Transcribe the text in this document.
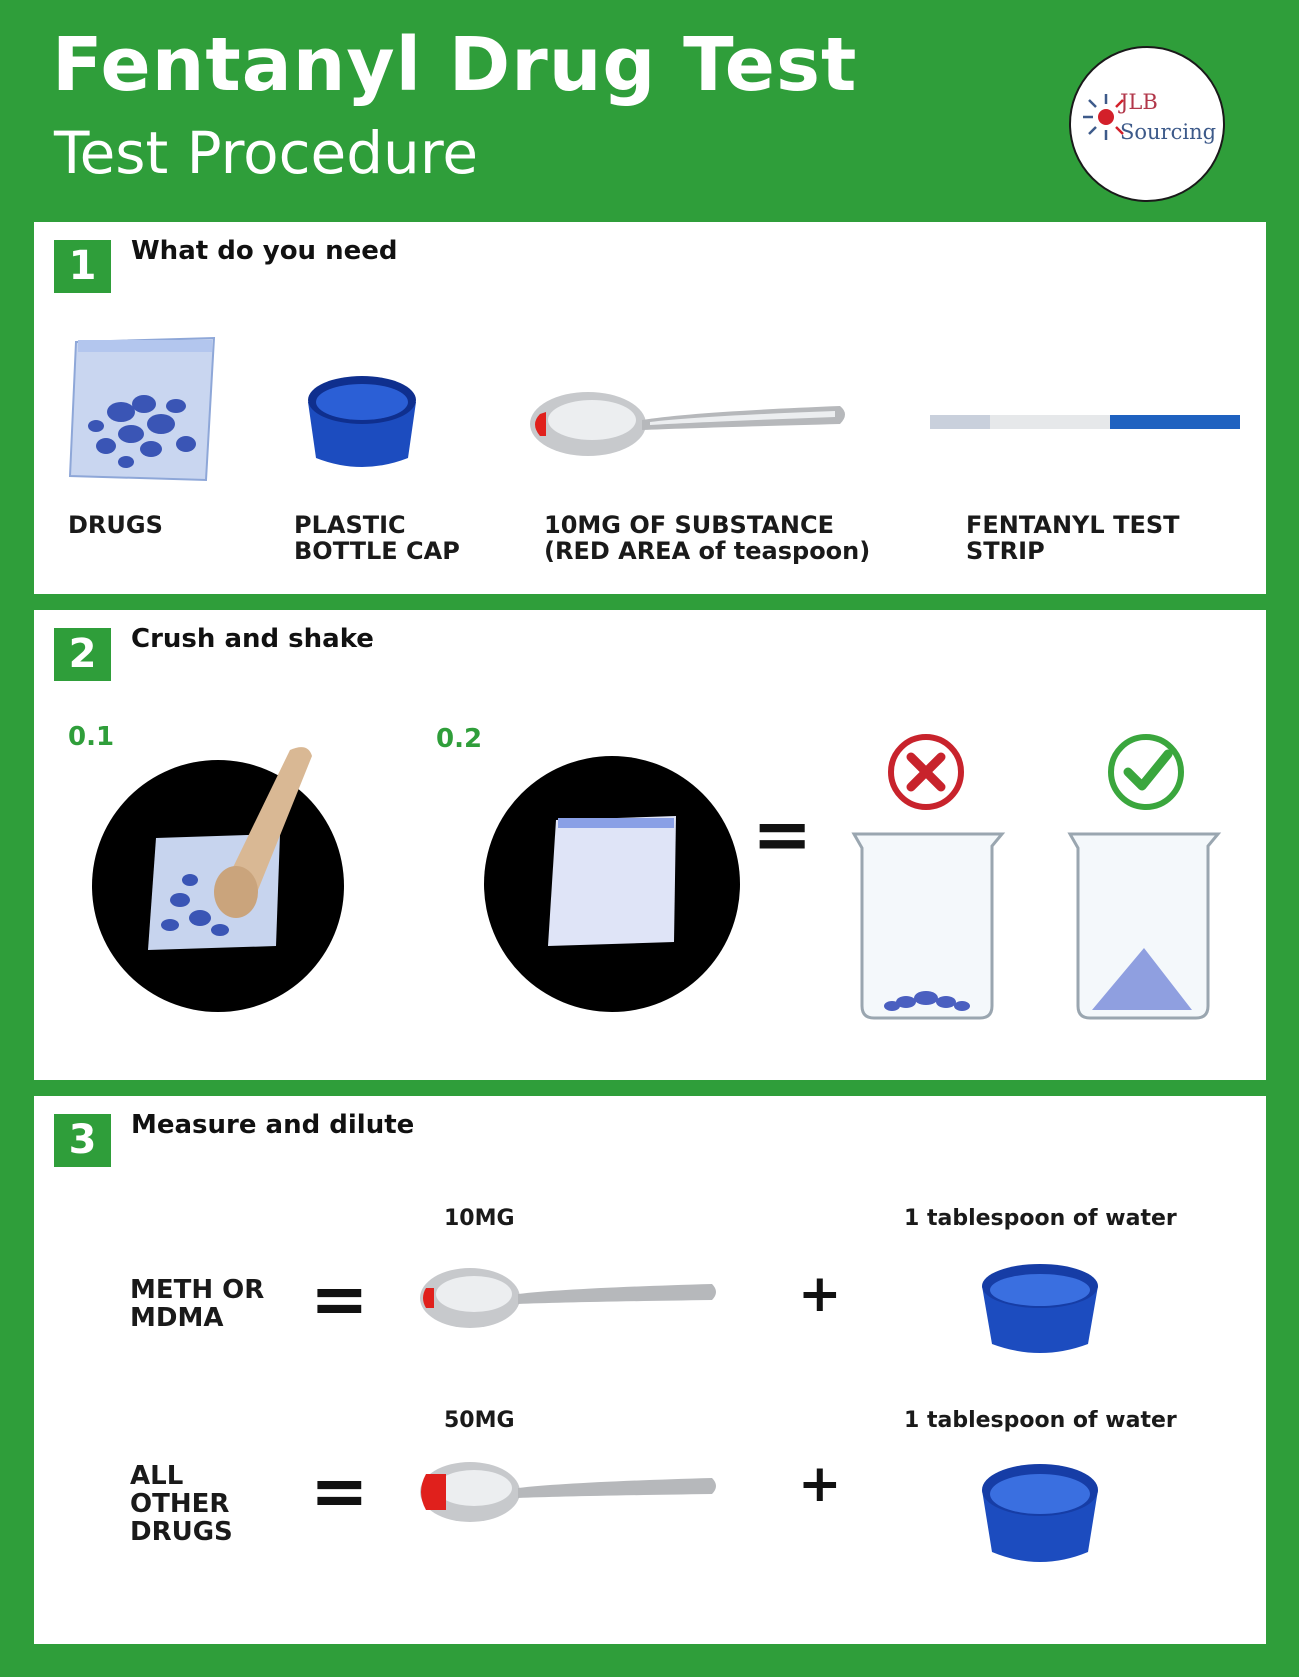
Fentanyl Drug Test
Test Procedure
JLB
Sourcing
1	What do you need
DRUGS	PLASTIC
BOTTLE CAP
10MG OF SUBSTANCE
(RED AREA of teaspoon)
FENTANYL TEST
STRIP
2	Crush and shake
0.1	0.2
=
3	Measure and dilute
10MG	1 tablespoon of water
METH OR
MDMA	=	+
50MG	1 tablespoon of water
ALL
OTHER
DRUGS =	+
